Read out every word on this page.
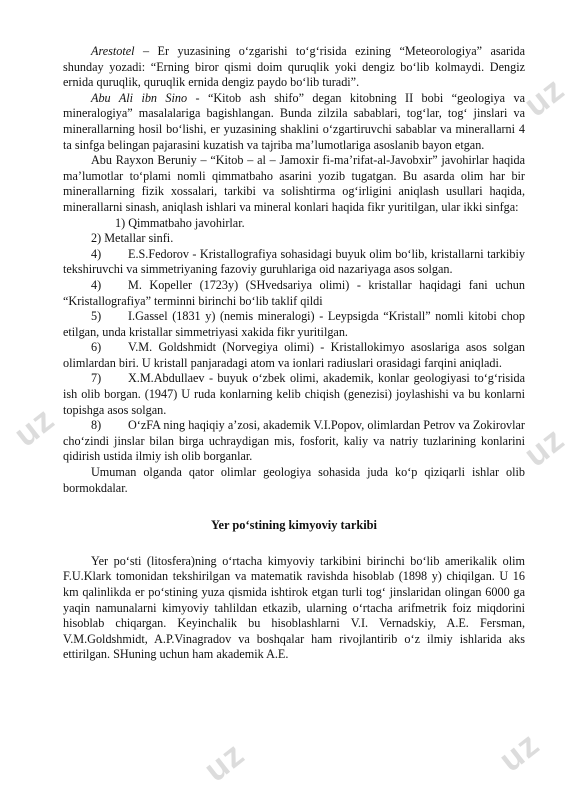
uz
uz	uz
uz	uz

Arestotel – Er yuzasining o‘zgarishi to‘g‘risida ezining “Meteorologiya” asarida shunday yozadi: “Erning biror qismi doim quruqlik yoki dengiz bo‘lib kolmaydi. Dengiz ernida quruqlik, quruqlik ernida dengiz paydo bo‘lib turadi”.

Abu Ali ibn Sino - “Kitob ash shifo” degan kitobning II bobi “geologiya va mineralogiya” masalalariga bagishlangan. Bunda zilzila sabablari, tog‘lar, tog‘ jinslari va minerallarning hosil bo‘lishi, er yuzasining shaklini o‘zgartiruvchi sabablar va minerallarni 4 ta sinfga belingan pajarasini kuzatish va tajriba ma’lumotlariga asoslanib bayon etgan.

Abu Rayxon Beruniy – “Kitob – al – Jamoxir fi-ma’rifat-al-Javobxir” javohirlar haqida ma’lumotlar to‘plami nomli qimmatbaho asarini yozib tugatgan. Bu asarda olim har bir minerallarning fizik xossalari, tarkibi va solishtirma og‘irligini aniqlash usullari haqida, minerallarni sinash, aniqlash ishlari va mineral konlari haqida fikr yuritilgan, ular ikki sinfga:

1) Qimmatbaho javohirlar.

2) Metallar sinfi.

4) E.S.Fedorov - Kristallografiya sohasidagi buyuk olim bo‘lib, kristallarni tarkibiy tekshiruvchi va simmetriyaning fazoviy guruhlariga oid nazariyaga asos solgan.

4) M. Kopeller (1723y) (SHvedsariya olimi) - kristallar haqidagi fani uchun “Kristallografiya” terminni birinchi bo‘lib taklif qildi

5) I.Gassel (1831 y) (nemis mineralogi) - Leypsigda “Kristall” nomli kitobi chop etilgan, unda kristallar simmetriyasi xakida fikr yuritilgan.

6) V.M. Goldshmidt (Norvegiya olimi) - Kristallokimyo asoslariga asos solgan olimlardan biri. U kristall panjaradagi atom va ionlari radiuslari orasidagi farqini aniqladi.

7) X.M.Abdullaev - buyuk o‘zbek olimi, akademik, konlar geologiyasi to‘g‘risida ish olib borgan. (1947) U ruda konlarning kelib chiqish (genezisi) joylashishi va bu konlarni topishga asos solgan.

8) O‘zFA ning haqiqiy a’zosi, akademik V.I.Popov, olimlardan Petrov va Zokirovlar cho‘zindi jinslar bilan birga uchraydigan mis, fosforit, kaliy va natriy tuzlarining konlarini qidirish ustida ilmiy ish olib borganlar.

Umuman olganda qator olimlar geologiya sohasida juda ko‘p qiziqarli ishlar olib bormokdalar.

Yer po‘stining kimyoviy tarkibi

Yer po‘sti (litosfera)ning o‘rtacha kimyoviy tarkibini birinchi bo‘lib amerikalik olim F.U.Klark tomonidan tekshirilgan va matematik ravishda hisoblab (1898 y) chiqilgan. U 16 km qalinlikda er po‘stining yuza qismida ishtirok etgan turli tog‘ jinslaridan olingan 6000 ga yaqin namunalarni kimyoviy tahlildan etkazib, ularning o‘rtacha arifmetrik foiz miqdorini hisoblab chiqargan. Keyinchalik bu hisoblashlarni V.I. Vernadskiy, A.E. Fersman, V.M.Goldshmidt, A.P.Vinagradov va boshqalar ham rivojlantirib o‘z ilmiy ishlarida aks ettirilgan. SHuning uchun ham akademik A.E.
